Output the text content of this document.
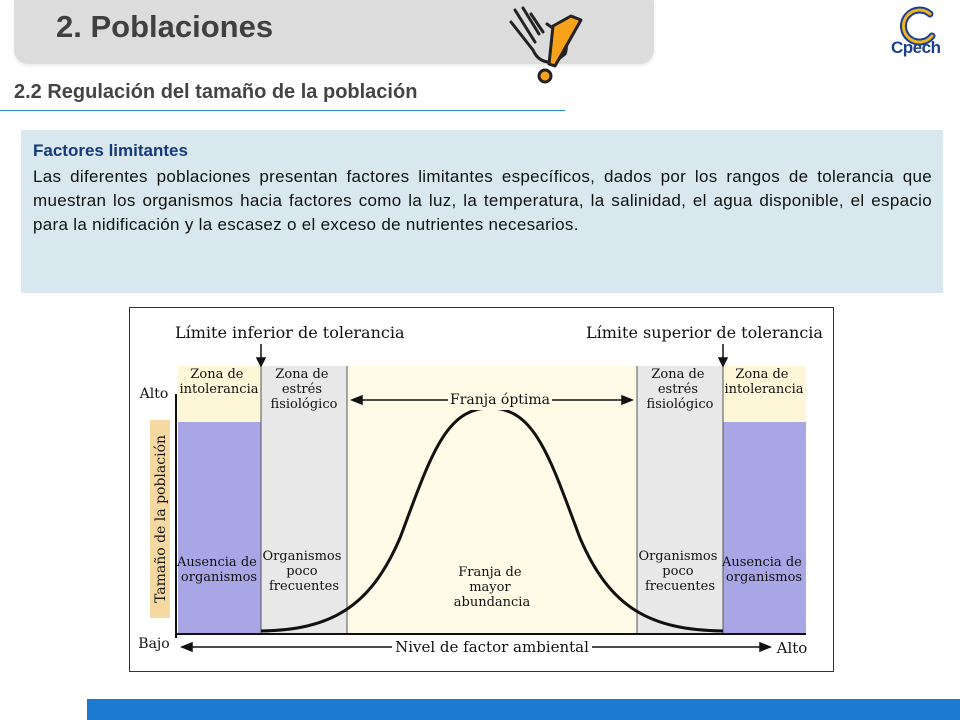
2. Poblaciones
Cpech
2.2 Regulación del tamaño de la población
Factores limitantes
Las diferentes poblaciones presentan factores limitantes específicos, dados por los rangos de tolerancia que muestran los organismos hacia factores como la luz, la temperatura, la salinidad, el agua disponible, el espacio para la nidificación y la escasez o el exceso de nutrientes necesarios.
Franja óptima
Nivel de factor ambiental	Alto
Límite inferior de tolerancia	Límite superior de tolerancia
Zona de intolerancia
Zona de estrés fisiológico
Zona de estrés fisiológico
Zona de intolerancia
Ausencia de organismos
Organismos poco frecuentes
Franja de mayor abundancia
Organismos poco frecuentes
Ausencia de organismos
Alto
Bajo
Tamaño de la población
